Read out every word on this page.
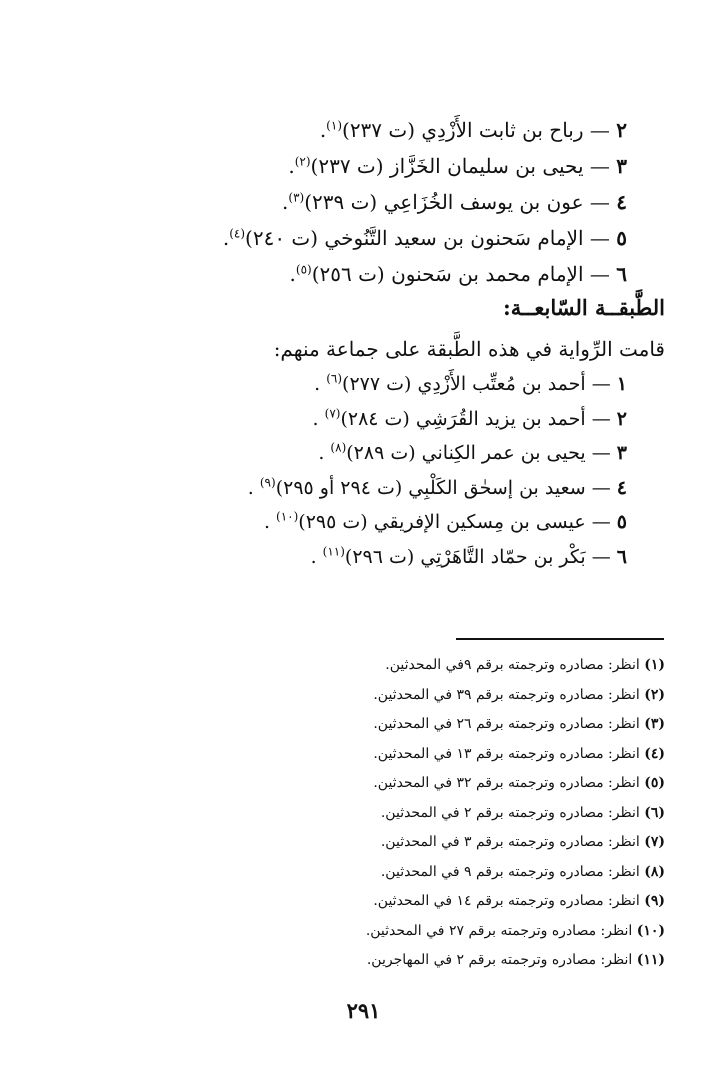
٢ — رباح بن ثابت الأَزْدِي (ت ٢٣٧)$^{(١)}$.
٣ — يحيى بن سليمان الخَزَّاز (ت ٢٣٧)$^{(٢)}$.
٤ — عون بن يوسف الخُزَاعِي (ت ٢٣٩)$^{(٣)}$.
٥ — الإمام سَحنون بن سعيد التَّنُوخي (ت ٢٤٠)$^{(٤)}$.
٦ — الإمام محمد بن سَحنون (ت ٢٥٦)$^{(٥)}$.
الطَّبقــة السّابعــة:
قامت الرِّواية في هذه الطَّبقة على جماعة منهم:
١ — أحمد بن مُعتِّب الأَزْدِي (ت ٢٧٧)$^{(٦)}$ .
٢ — أحمد بن يزيد القُرَشِي (ت ٢٨٤)$^{(٧)}$ .
٣ — يحيى بن عمر الكِناني (ت ٢٨٩)$^{(٨)}$ .
٤ — سعيد بن إسحٰق الكَلْبِي (ت ٢٩٤ أو ٢٩٥)$^{(٩)}$ .
٥ — عيسى بن مِسكين الإفريقي (ت ٢٩٥)$^{(١٠)}$ .
٦ — بَكْر بن حمّاد التَّاهَرْتِي (ت ٢٩٦)$^{(١١)}$ .
(١) انظر: مصادره وترجمته برقم ٩في المحدثين.
(٢) انظر: مصادره وترجمته برقم ٣٩ في المحدثين.
(٣) انظر: مصادره وترجمته برقم ٢٦ في المحدثين.
(٤) انظر: مصادره وترجمته برقم ١٣ في المحدثين.
(٥) انظر: مصادره وترجمته برقم ٣٢ في المحدثين.
(٦) انظر: مصادره وترجمته برقم ٢ في المحدثين.
(٧) انظر: مصادره وترجمته برقم ٣ في المحدثين.
(٨) انظر: مصادره وترجمته برقم ٩ في المحدثين.
(٩) انظر: مصادره وترجمته برقم ١٤ في المحدثين.
(١٠) انظر: مصادره وترجمته برقم ٢٧ في المحدثين.
(١١) انظر: مصادره وترجمته برقم ٢ في المهاجرين.
٢٩١
